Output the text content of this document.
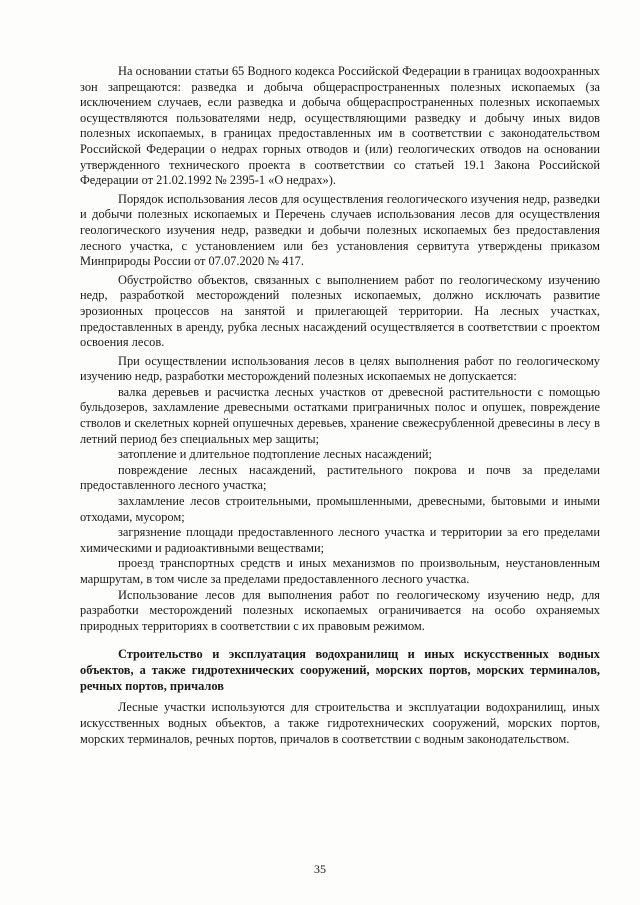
На основании статьи 65 Водного кодекса Российской Федерации в границах водоохранных зон запрещаются: разведка и добыча общераспространенных полезных ископаемых (за исключением случаев, если разведка и добыча общераспространенных полезных ископаемых осуществляются пользователями недр, осуществляющими разведку и добычу иных видов полезных ископаемых, в границах предоставленных им в соответствии с законодательством Российской Федерации о недрах горных отводов и (или) геологических отводов на основании утвержденного технического проекта в соответствии со статьей 19.1 Закона Российской Федерации от 21.02.1992 № 2395-1 «О недрах»).

Порядок использования лесов для осуществления геологического изучения недр, разведки и добычи полезных ископаемых и Перечень случаев использования лесов для осуществления геологического изучения недр, разведки и добычи полезных ископаемых без предоставления лесного участка, с установлением или без установления сервитута утверждены приказом Минприроды России от 07.07.2020 № 417.

Обустройство объектов, связанных с выполнением работ по геологическому изучению недр, разработкой месторождений полезных ископаемых, должно исключать развитие эрозионных процессов на занятой и прилегающей территории. На лесных участках, предоставленных в аренду, рубка лесных насаждений осуществляется в соответствии с проектом освоения лесов.

При осуществлении использования лесов в целях выполнения работ по геологическому изучению недр, разработки месторождений полезных ископаемых не допускается:

валка деревьев и расчистка лесных участков от древесной растительности с помощью бульдозеров, захламление древесными остатками приграничных полос и опушек, повреждение стволов и скелетных корней опушечных деревьев, хранение свежесрубленной древесины в лесу в летний период без специальных мер защиты;

затопление и длительное подтопление лесных насаждений;

повреждение лесных насаждений, растительного покрова и почв за пределами предоставленного лесного участка;

захламление лесов строительными, промышленными, древесными, бытовыми и иными отходами, мусором;

загрязнение площади предоставленного лесного участка и территории за его пределами химическими и радиоактивными веществами;

проезд транспортных средств и иных механизмов по произвольным, неустановленным маршрутам, в том числе за пределами предоставленного лесного участка.

Использование лесов для выполнения работ по геологическому изучению недр, для разработки месторождений полезных ископаемых ограничивается на особо охраняемых природных территориях в соответствии с их правовым режимом.

Строительство и эксплуатация водохранилищ и иных искусственных водных объектов, а также гидротехнических сооружений, морских портов, морских терминалов, речных портов, причалов

Лесные участки используются для строительства и эксплуатации водохранилищ, иных искусственных водных объектов, а также гидротехнических сооружений, морских портов, морских терминалов, речных портов, причалов в соответствии с водным законодательством.

35
